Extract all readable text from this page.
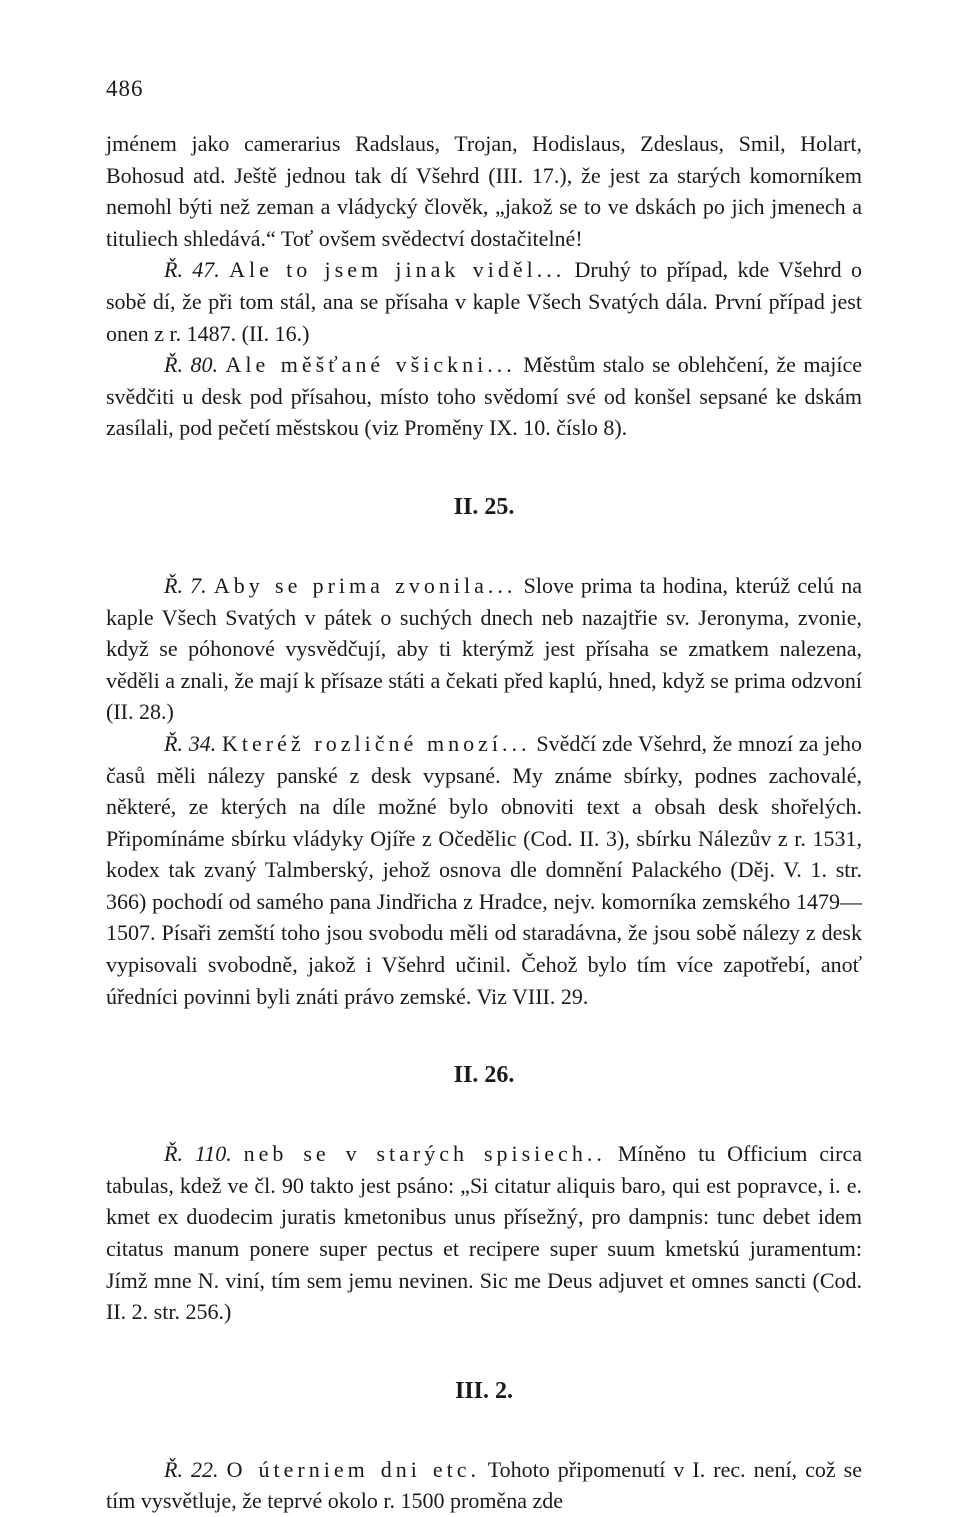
486

jménem jako camerarius Radslaus, Trojan, Hodislaus, Zdeslaus, Smil, Holart, Bohosud atd. Ještě jednou tak dí Všehrd (III. 17.), že jest za starých komorníkem nemohl býti než zeman a vládycký člověk, „jakož se to ve dskách po jich jmenech a tituliech shledává.“ Toť ovšem svědectví dostačitelné!

Ř. 47. Ale to jsem jinak viděl... Druhý to případ, kde Všehrd o sobě dí, že při tom stál, ana se přísaha v kaple Všech Svatých dála. První případ jest onen z r. 1487. (II. 16.)

Ř. 80. Ale měšťané všickni... Městům stalo se oblehčení, že majíce svědčiti u desk pod přísahou, místo toho svědomí své od konšel sepsané ke dskám zasílali, pod pečetí městskou (viz Proměny IX. 10. číslo 8).

II. 25.

Ř. 7. Aby se prima zvonila... Slove prima ta hodina, kterúž celú na kaple Všech Svatých v pátek o suchých dnech neb nazajtřie sv. Jeronyma, zvonie, když se póhonové vysvědčují, aby ti kterýmž jest přísaha se zmatkem nalezena, věděli a znali, že mají k přísaze státi a čekati před kaplú, hned, když se prima odzvoní (II. 28.)

Ř. 34. Kteréž rozličné mnozí... Svědčí zde Všehrd, že mnozí za jeho časů měli nálezy panské z desk vypsané. My známe sbírky, podnes zachovalé, některé, ze kterých na díle možné bylo obnoviti text a obsah desk shořelých. Připomínáme sbírku vládyky Ojíře z Očedělic (Cod. II. 3), sbírku Nálezův z r. 1531, kodex tak zvaný Talmberský, jehož osnova dle domnění Palackého (Děj. V. 1. str. 366) pochodí od samého pana Jindřicha z Hradce, nejv. komorníka zemského 1479—1507. Písaři zemští toho jsou svobodu měli od staradávna, že jsou sobě nálezy z desk vypisovali svobodně, jakož i Všehrd učinil. Čehož bylo tím více zapotřebí, anoť úředníci povinni byli znáti právo zemské. Viz VIII. 29.

II. 26.

Ř. 110. neb se v starých spisiech.. Míněno tu Officium circa tabulas, kdež ve čl. 90 takto jest psáno: „Si citatur aliquis baro, qui est popravce, i. e. kmet ex duodecim juratis kmetonibus unus přísežný, pro dampnis: tunc debet idem citatus manum ponere super pectus et recipere super suum kmetskú juramentum: Jímž mne N. viní, tím sem jemu nevinen. Sic me Deus adjuvet et omnes sancti (Cod. II. 2. str. 256.)

III. 2.

Ř. 22. O úterniem dni etc. Tohoto připomenutí v I. rec. není, což se tím vysvětluje, že teprvé okolo r. 1500 proměna zde
